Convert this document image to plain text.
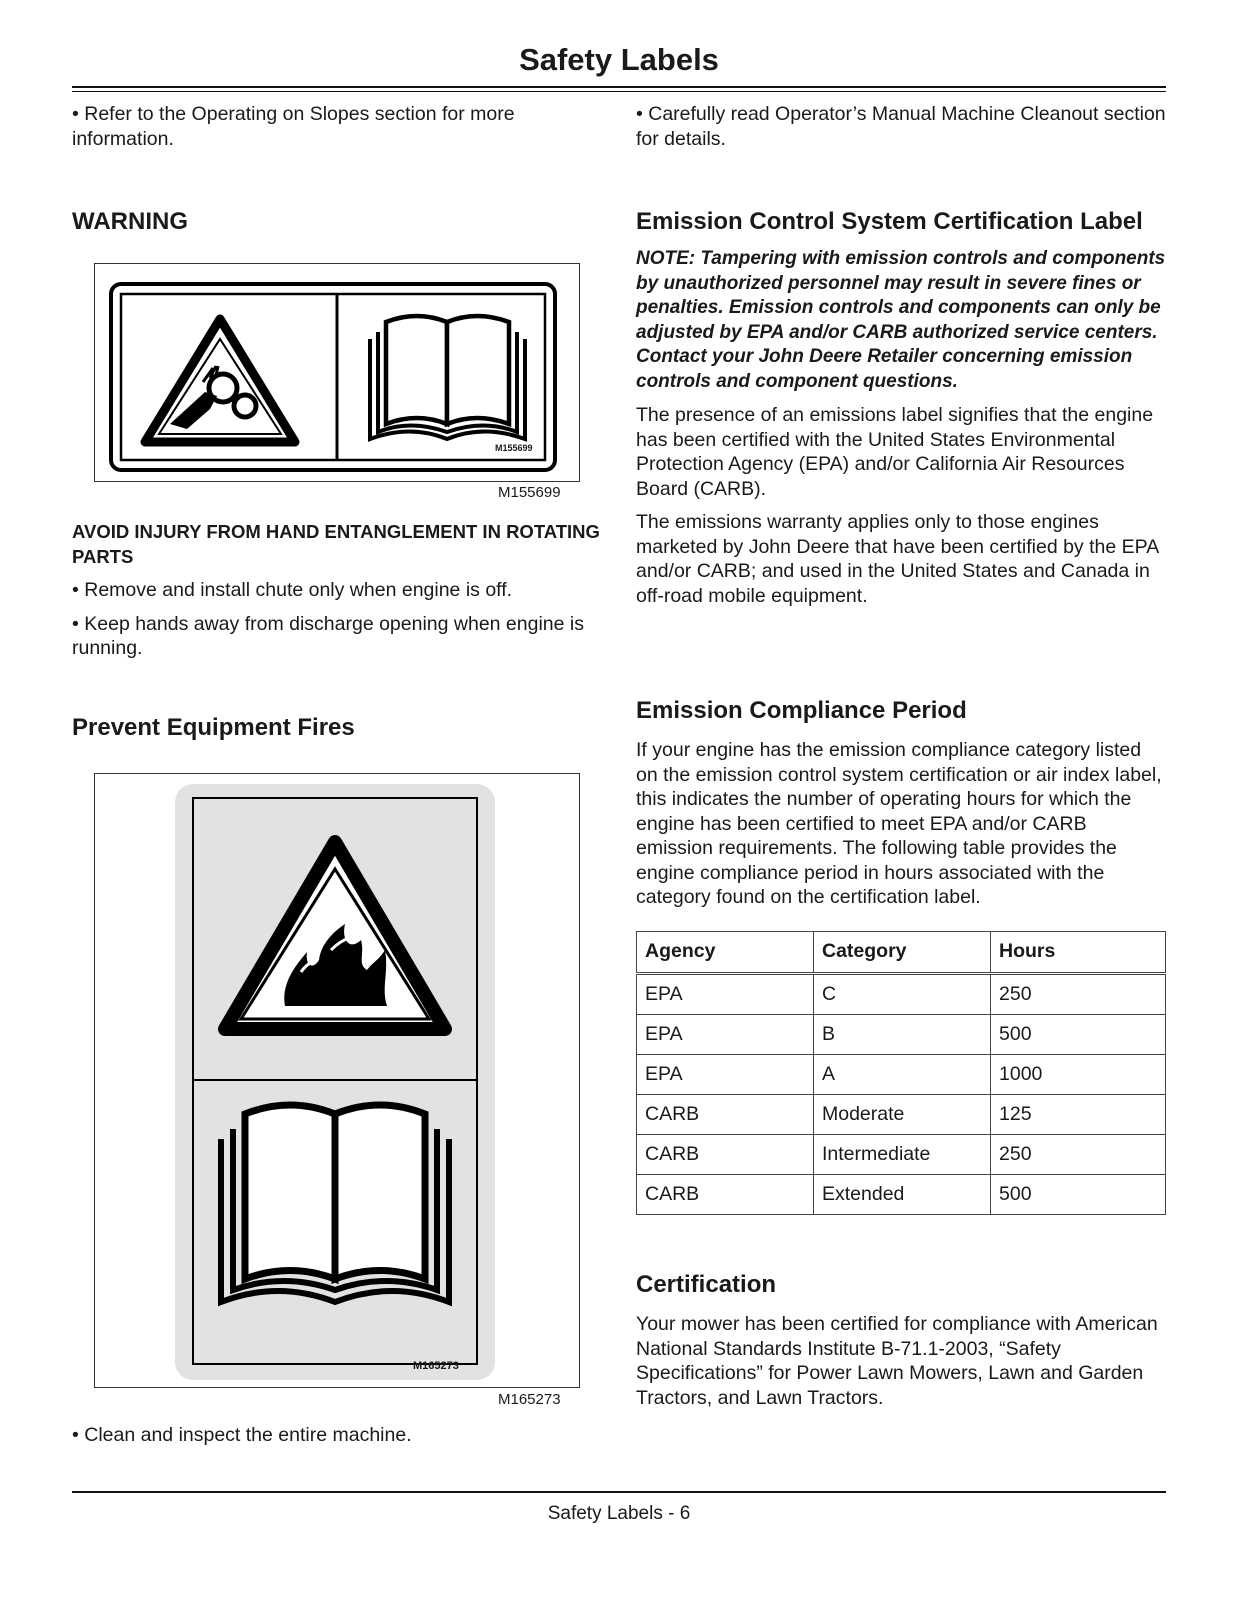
Safety Labels

• Refer to the Operating on Slopes section for more information.

WARNING
M155699
M155699
AVOID INJURY FROM HAND ENTANGLEMENT IN ROTATING PARTS

• Remove and install chute only when engine is off.

• Keep hands away from discharge opening when engine is running.

Prevent Equipment Fires
M165273
M165273

• Clean and inspect the entire machine.

• Carefully read Operator’s Manual Machine Cleanout section for details.

Emission Control System Certification Label

NOTE: Tampering with emission controls and components by unauthorized personnel may result in severe fines or penalties. Emission controls and components can only be adjusted by EPA and/or CARB authorized service centers. Contact your John Deere Retailer concerning emission controls and component questions.

The presence of an emissions label signifies that the engine has been certified with the United States Environmental Protection Agency (EPA) and/or California Air Resources Board (CARB).

The emissions warranty applies only to those engines marketed by John Deere that have been certified by the EPA and/or CARB; and used in the United States and Canada in off-road mobile equipment.

Emission Compliance Period

If your engine has the emission compliance category listed on the emission control system certification or air index label, this indicates the number of operating hours for which the engine has been certified to meet EPA and/or CARB emission requirements. The following table provides the engine compliance period in hours associated with the category found on the certification label.

Agency	Category	Hours
EPA	C	250
EPA	B	500
EPA	A	1000
CARB	Moderate	125
CARB	Intermediate	250
CARB	Extended	500
Certification

Your mower has been certified for compliance with American National Standards Institute B-71.1-2003, “Safety Specifications” for Power Lawn Mowers, Lawn and Garden Tractors, and Lawn Tractors.

Safety Labels - 6
